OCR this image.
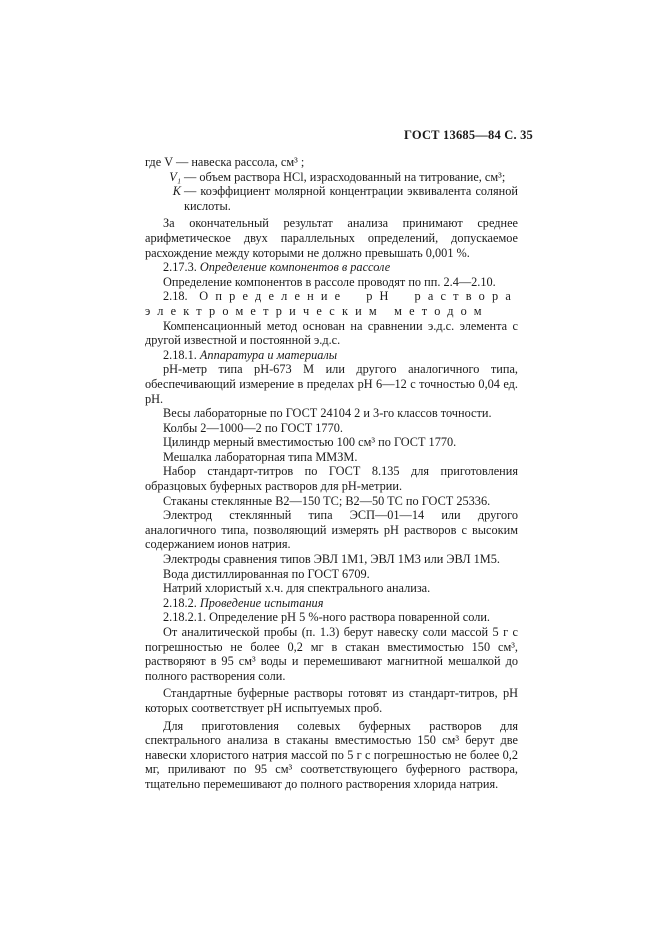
ГОСТ 13685—84 С. 35

где V — навеска рассола, см³ ;

V₁ — объем раствора HCl, израсходованный на титрование, см³;
K — коэффициент молярной концентрации эквивалента соляной кислоты.

За окончательный результат анализа принимают среднее арифметическое двух параллельных определений, допускаемое расхождение между которыми не должно превышать 0,001 %.

2.17.3. Определение компонентов в рассоле

Определение компонентов в рассоле проводят по пп. 2.4—2.10.

2.18. Определение pH раствора электрометрическим методом

Компенсационный метод основан на сравнении э.д.с. элемента с другой известной и постоянной э.д.с.

2.18.1. Аппаратура и материалы

pH-метр типа pH-673 M или другого аналогичного типа, обеспечивающий измерение в пределах pH 6—12 с точностью 0,04 ед. pH.

Весы лабораторные по ГОСТ 24104 2 и 3-го классов точности.

Колбы 2—1000—2 по ГОСТ 1770.

Цилиндр мерный вместимостью 100 см³ по ГОСТ 1770.

Мешалка лабораторная типа ММЗМ.

Набор стандарт-титров по ГОСТ 8.135 для приготовления образцовых буферных растворов для pH-метрии.

Стаканы стеклянные B2—150 TC; B2—50 TC по ГОСТ 25336.

Электрод стеклянный типа ЭСП—01—14 или другого аналогичного типа, позволяющий измерять pH растворов с высоким содержанием ионов натрия.

Электроды сравнения типов ЭВЛ 1M1, ЭВЛ 1M3 или ЭВЛ 1M5.

Вода дистиллированная по ГОСТ 6709.

Натрий хлористый х.ч. для спектрального анализа.

2.18.2. Проведение испытания

2.18.2.1. Определение pH 5 %-ного раствора поваренной соли.

От аналитической пробы (п. 1.3) берут навеску соли массой 5 г с погрешностью не более 0,2 мг в стакан вместимостью 150 см³, растворяют в 95 см³ воды и перемешивают магнитной мешалкой до полного растворения соли.

Стандартные буферные растворы готовят из стандарт-титров, pH которых соответствует pH испытуемых проб.

Для приготовления солевых буферных растворов для спектрального анализа в стаканы вместимостью 150 см³ берут две навески хлористого натрия массой по 5 г с погрешностью не более 0,2 мг, приливают по 95 см³ соответствующего буферного раствора, тщательно перемешивают до полного растворения хлорида натрия.
